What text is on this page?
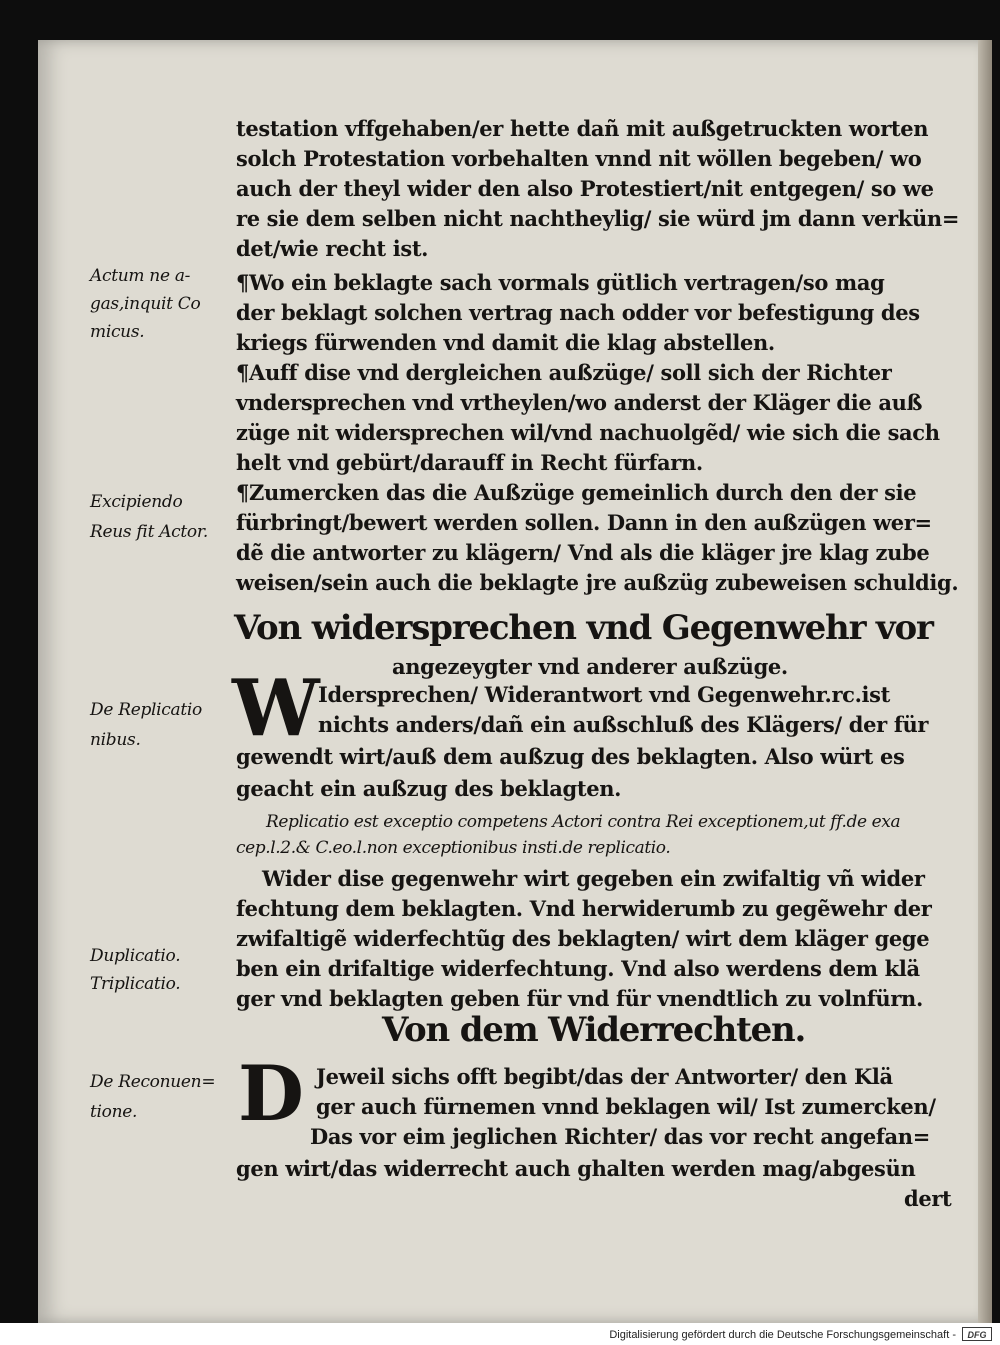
testation vffgehaben/er hette dañ mit außgetruckten worten
solch Protestation vorbehalten vnnd nit wöllen begeben/ wo
auch der theyl wider den also Protestiert/nit entgegen/ so we
re sie dem selben nicht nachtheylig/ sie würd jm dann verkün=
det/wie recht ist.
¶Wo ein beklagte sach vormals gütlich vertragen/so mag
der beklagt solchen vertrag nach odder vor befestigung des
kriegs fürwenden vnd damit die klag abstellen.
¶Auff dise vnd dergleichen außzüge/ soll sich der Richter
vndersprechen vnd vrtheylen/wo anderst der Kläger die auß
züge nit widersprechen wil/vnd nachuolgẽd/ wie sich die sach
helt vnd gebürt/darauff in Recht fürfarn.
¶Zumercken das die Außzüge gemeinlich durch den der sie
fürbringt/bewert werden sollen. Dann in den außzügen wer=
dẽ die antworter zu klägern/ Vnd als die kläger jre klag zube
weisen/sein auch die beklagte jre außzüg zubeweisen schuldig.
Actum ne a-
gas,inquit Co
micus.
Excipiendo
Reus fit Actor.
De Replicatio
nibus.
Duplicatio.
Triplicatio.
De Reconuen=
tione.
Von widersprechen vnd Gegenwehr vor
angezeygter vnd anderer außzüge.
W
Idersprechen/ Widerantwort vnd Gegenwehr.rc.ist
nichts anders/dañ ein außschluß des Klägers/ der für
gewendt wirt/auß dem außzug des beklagten. Also würt es
geacht ein außzug des beklagten.
Replicatio est exceptio competens Actori contra Rei exceptionem,ut ff.de exa
cep.l.2.& C.eo.l.non exceptionibus insti.de replicatio.
Wider dise gegenwehr wirt gegeben ein zwifaltig vñ wider
fechtung dem beklagten. Vnd herwiderumb zu gegẽwehr der
zwifaltigẽ widerfechtũg des beklagten/ wirt dem kläger gege
ben ein drifaltige widerfechtung. Vnd also werdens dem klä
ger vnd beklagten geben für vnd für vnendtlich zu volnfürn.
Von dem Widerrechten.
D Jeweil sichs offt begibt/das der Antworter/ den Klä
ger auch fürnemen vnnd beklagen wil/ Ist zumercken/
Das vor eim jeglichen Richter/ das vor recht angefan=
gen wirt/das widerrecht auch ghalten werden mag/abgesün
dert
Digitalisierung gefördert durch die Deutsche Forschungsgemeinschaft -	DFG
